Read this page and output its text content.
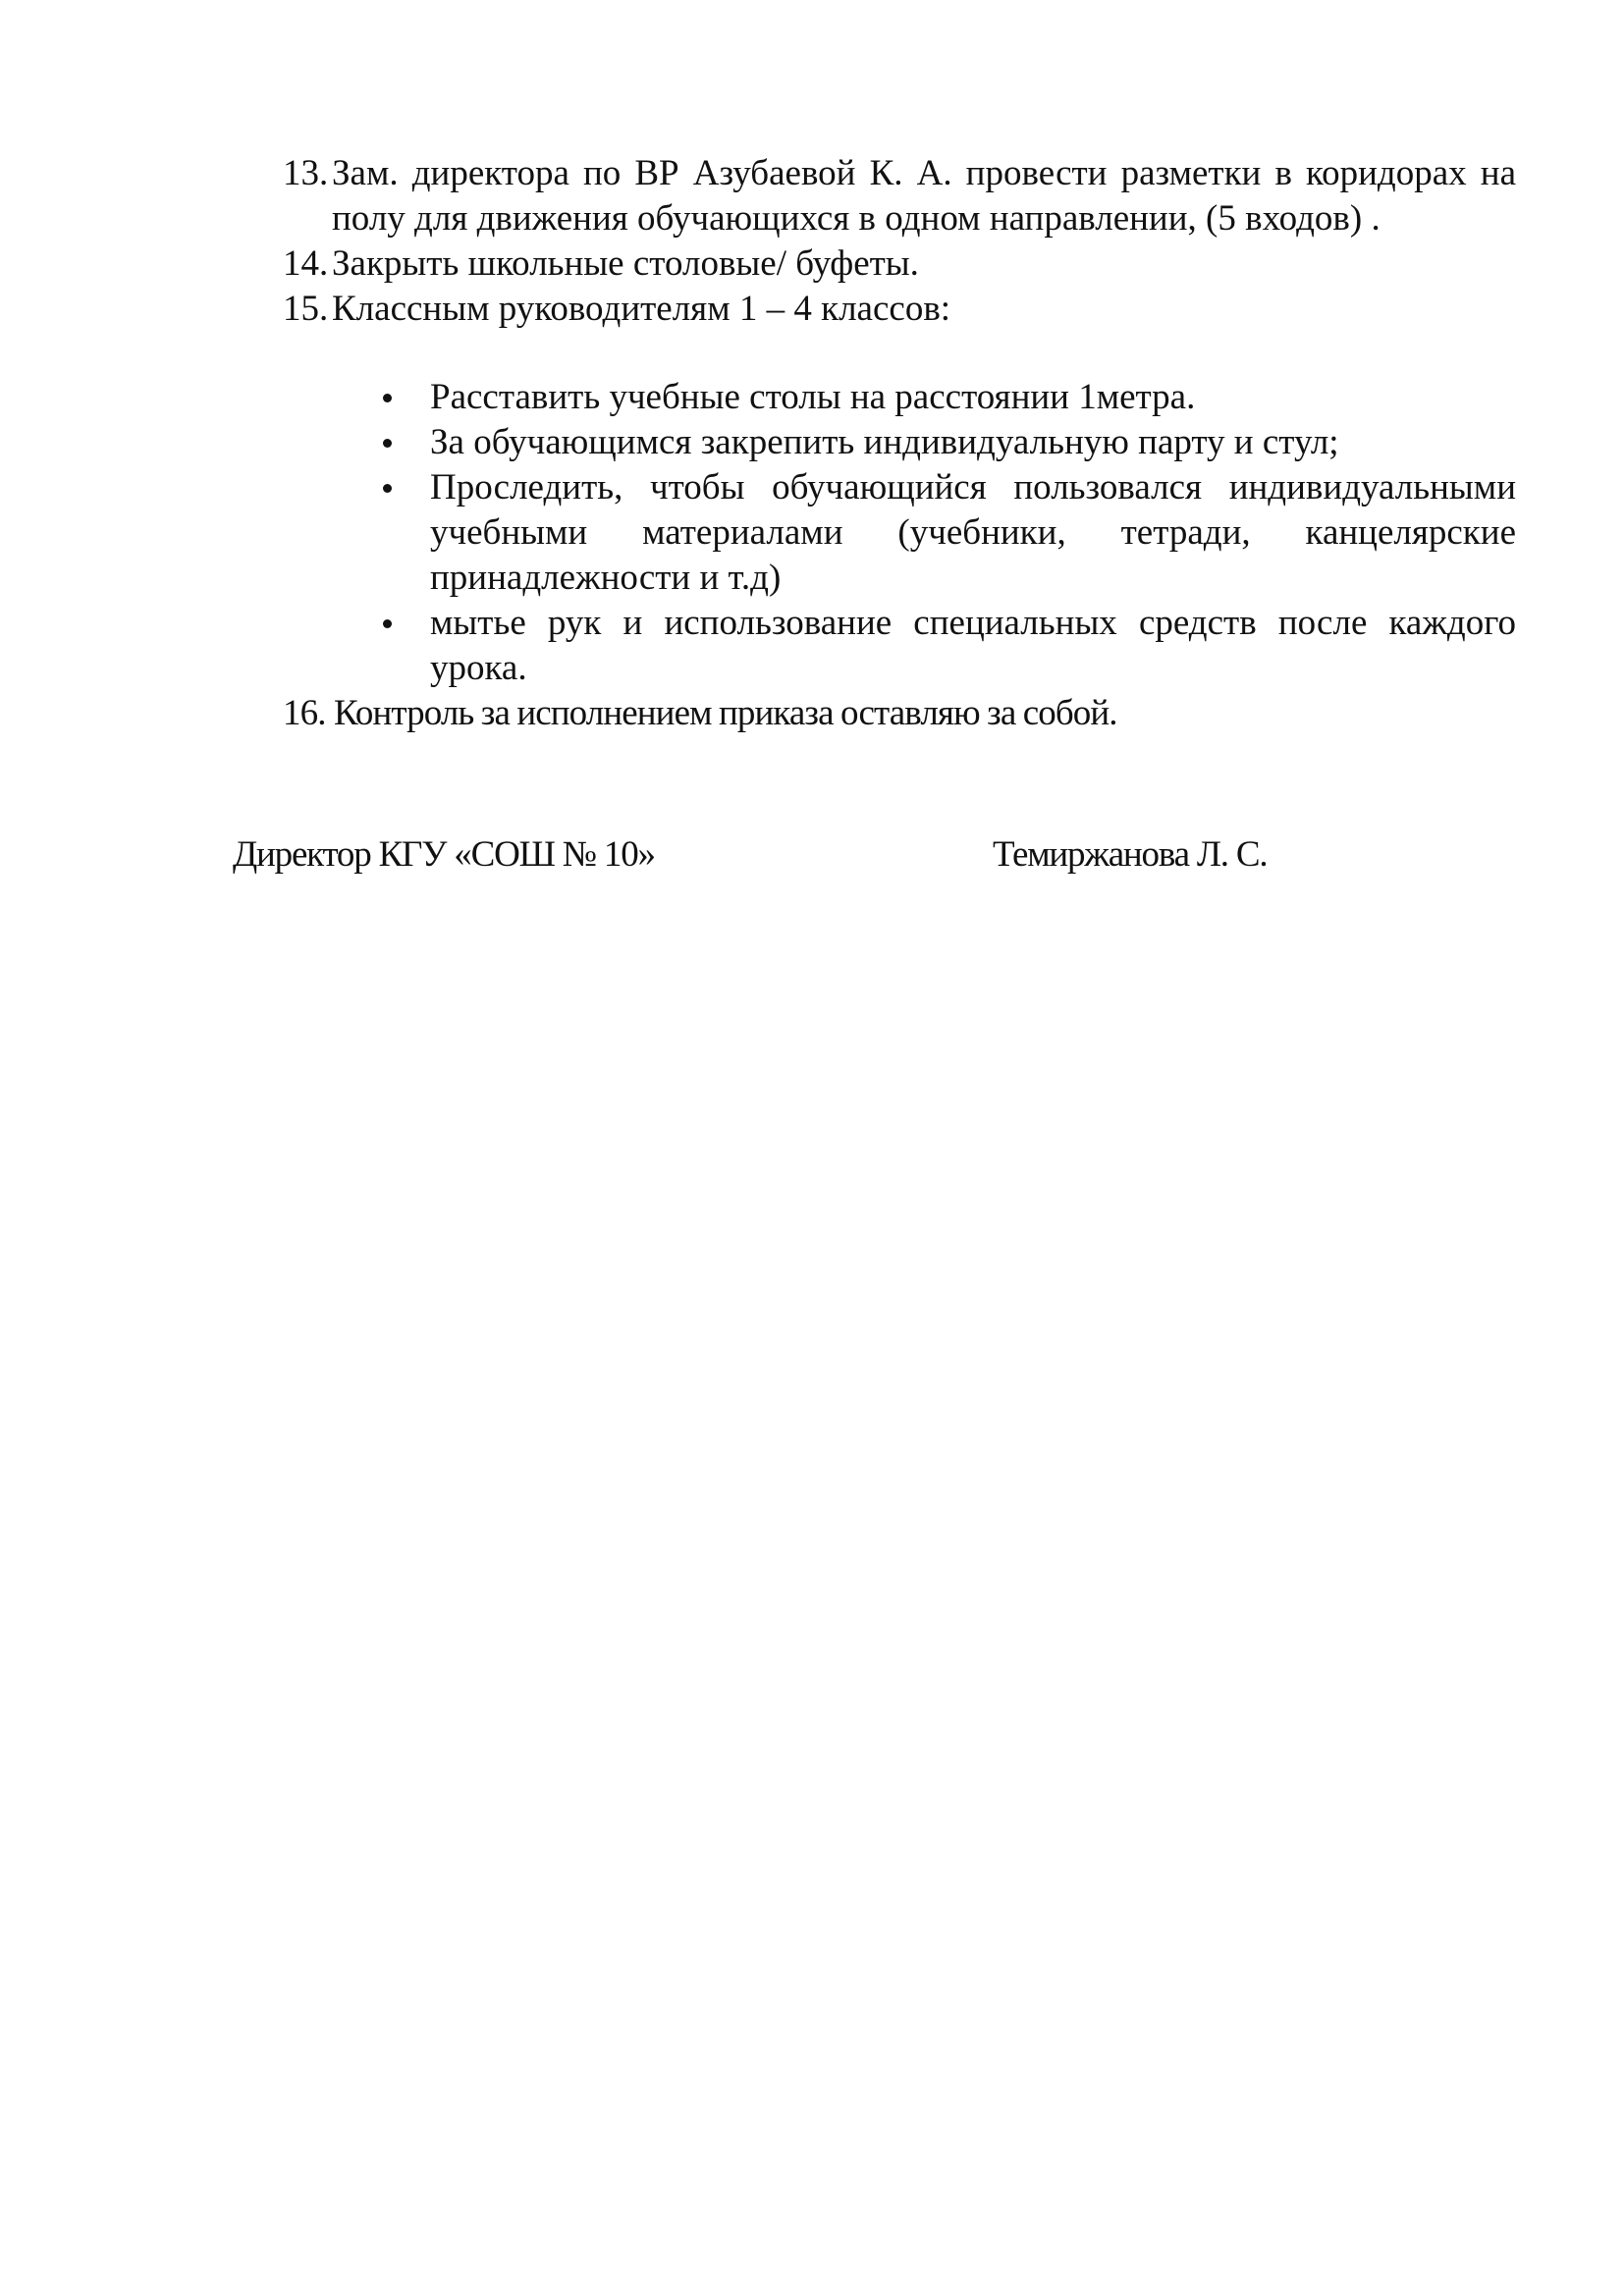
13. Зам. директора по ВР Азубаевой К. А. провести разметки в коридорах на полу для движения обучающихся в одном направлении, (5 входов) .
14. Закрыть школьные столовые/ буфеты.
15. Классным руководителям 1 – 4 классов:
Расставить учебные столы на расстоянии 1метра.
За обучающимся закрепить индивидуальную парту и стул;
Проследить, чтобы обучающийся пользовался индивидуальными учебными материалами (учебники, тетради, канцелярские принадлежности и т.д)
мытье рук и использование специальных средств после каждого урока.
16. Контроль за исполнением приказа оставляю за собой.
Директор КГУ «СОШ № 10»	Темиржанова Л. С.
